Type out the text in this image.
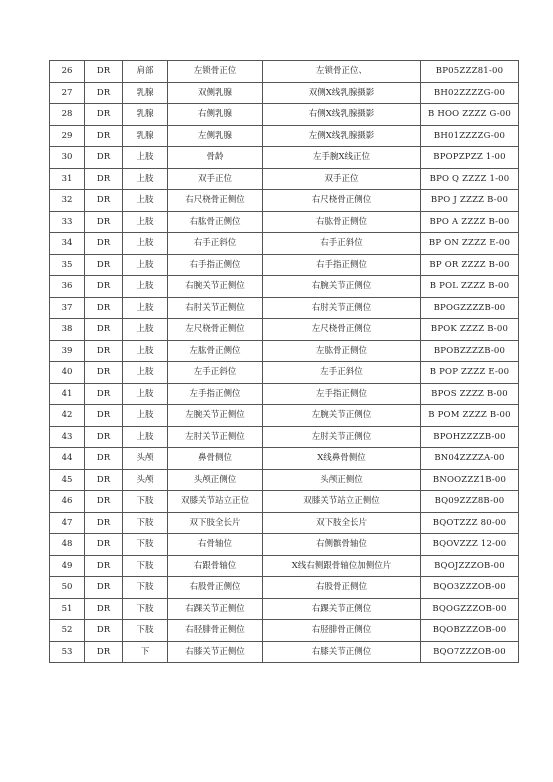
26	DR	肩部	左锁骨正位	左锁骨正位、	BP05ZZZ81-00
27	DR	乳腺	双侧乳腺	双侧X线乳腺摄影	BH02ZZZZG-00
28	DR	乳腺	右侧乳腺	右侧X线乳腺摄影	B HOO ZZZZ G-00
29	DR	乳腺	左侧乳腺	左侧X线乳腺摄影	BH01ZZZZG-00
30	DR	上肢	骨龄	左手腕X线正位	BPOPZPZZ 1-00
31	DR	上肢	双手正位	双手正位	BPO Q ZZZZ 1-00
32	DR	上肢	右尺桡骨正侧位	右尺桡骨正侧位	BPO J ZZZZ B-00
33	DR	上肢	右肱骨正侧位	右肱骨正侧位	BPO A ZZZZ B-00
34	DR	上肢	右手正斜位	右手正斜位	BP ON ZZZZ E-00
35	DR	上肢	右手指正侧位	右手指正侧位	BP OR ZZZZ B-00
36	DR	上肢	右腕关节正侧位	右腕关节正侧位	B POL ZZZZ B-00
37	DR	上肢	右肘关节正侧位	右肘关节正侧位	BPOGZZZZB-00
38	DR	上肢	左尺桡骨正侧位	左尺桡骨正侧位	BPOK ZZZZ B-00
39	DR	上肢	左肱骨正侧位	左肱骨正侧位	BPOBZZZZB-00
40	DR	上肢	左手正斜位	左手正斜位	B POP ZZZZ E-00
41	DR	上肢	左手指正侧位	左手指正侧位	BPOS ZZZZ B-00
42	DR	上肢	左腕关节正侧位	左腕关节正侧位	B POM ZZZZ B-00
43	DR	上肢	左肘关节正侧位	左肘关节正侧位	BPOHZZZZB-00
44	DR	头颅	鼻骨侧位	X线鼻骨侧位	BN04ZZZZA-00
45	DR	头颅	头颅正侧位	头颅正侧位	BNOOZZZ1B-00
46	DR	下肢	双膝关节站立正位	双膝关节站立正侧位	BQ09ZZZ8B-00
47	DR	下肢	双下肢全长片	双下肢全长片	BQOTZZZ 80-00
48	DR	下肢	右骨轴位	右侧髌骨轴位	BQOVZZZ 12-00
49	DR	下肢	右跟骨轴位	X线右侧跟骨轴位加侧位片	BQOJZZZOB-00
50	DR	下肢	右股骨正侧位	右股骨正侧位	BQO3ZZZOB-00
51	DR	下肢	右踝关节正侧位	右踝关节正侧位	BQOGZZZOB-00
52	DR	下肢	右胫腓骨正侧位	右胫腓骨正侧位	BQOBZZZOB-00
53	DR	下	右膝关节正侧位	右膝关节正侧位	BQO7ZZZOB-00
